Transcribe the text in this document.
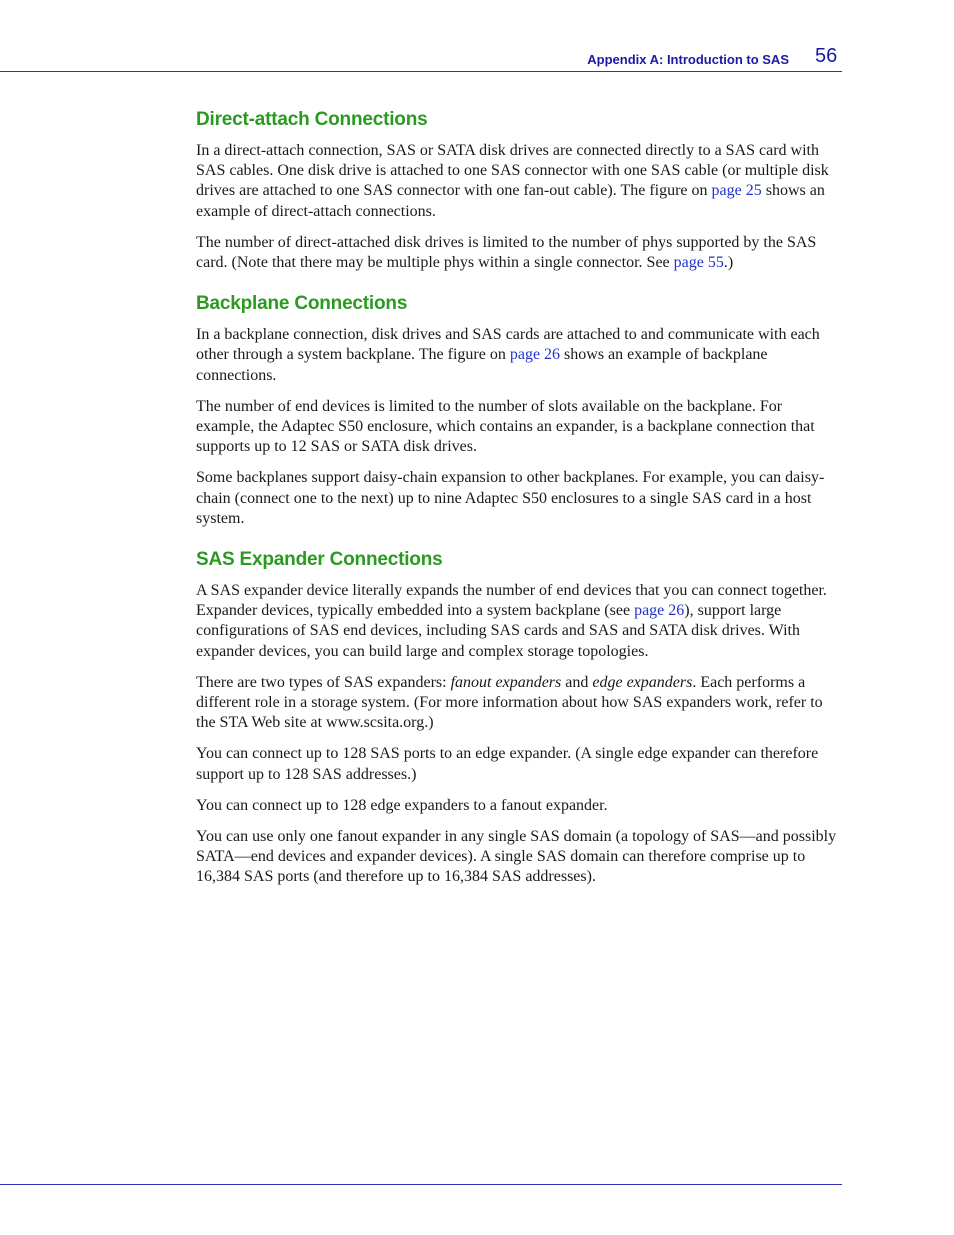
Appendix A: Introduction to SAS 56
Direct-attach Connections

In a direct-attach connection, SAS or SATA disk drives are connected directly to a SAS card with SAS cables. One disk drive is attached to one SAS connector with one SAS cable (or multiple disk drives are attached to one SAS connector with one fan-out cable). The figure on page 25 shows an example of direct-attach connections.

The number of direct-attached disk drives is limited to the number of phys supported by the SAS card. (Note that there may be multiple phys within a single connector. See page 55.)

Backplane Connections

In a backplane connection, disk drives and SAS cards are attached to and communicate with each other through a system backplane. The figure on page 26 shows an example of backplane connections.

The number of end devices is limited to the number of slots available on the backplane. For example, the Adaptec S50 enclosure, which contains an expander, is a backplane connection that supports up to 12 SAS or SATA disk drives.

Some backplanes support daisy-chain expansion to other backplanes. For example, you can daisy-chain (connect one to the next) up to nine Adaptec S50 enclosures to a single SAS card in a host system.

SAS Expander Connections

A SAS expander device literally expands the number of end devices that you can connect together. Expander devices, typically embedded into a system backplane (see page 26), support large configurations of SAS end devices, including SAS cards and SAS and SATA disk drives. With expander devices, you can build large and complex storage topologies.

There are two types of SAS expanders: fanout expanders and edge expanders. Each performs a different role in a storage system. (For more information about how SAS expanders work, refer to the STA Web site at www.scsita.org.)

You can connect up to 128 SAS ports to an edge expander. (A single edge expander can therefore support up to 128 SAS addresses.)

You can connect up to 128 edge expanders to a fanout expander.

You can use only one fanout expander in any single SAS domain (a topology of SAS—and possibly SATA—end devices and expander devices). A single SAS domain can therefore comprise up to 16,384 SAS ports (and therefore up to 16,384 SAS addresses).
